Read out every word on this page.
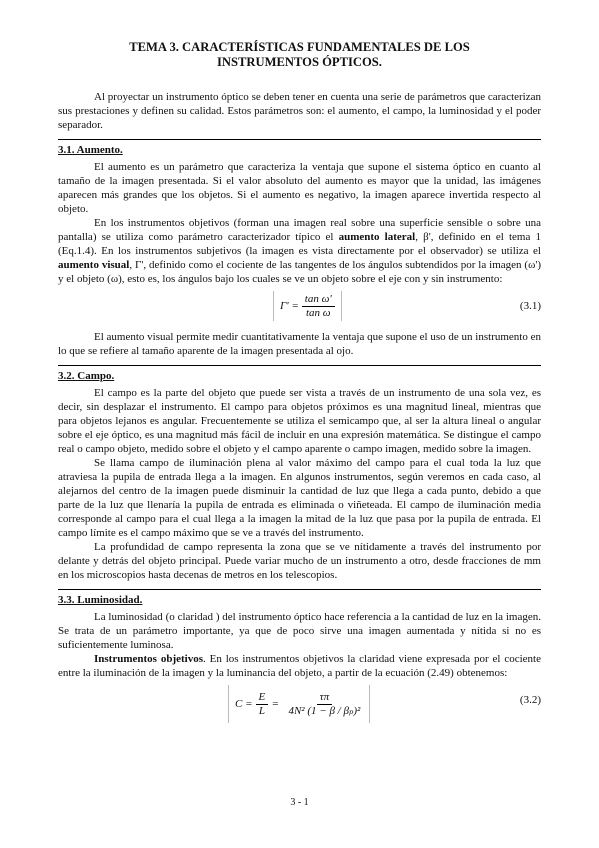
TEMA 3. CARACTERÍSTICAS FUNDAMENTALES DE LOS
INSTRUMENTOS ÓPTICOS.

Al proyectar un instrumento óptico se deben tener en cuenta una serie de parámetros que caracterizan sus prestaciones y definen su calidad. Estos parámetros son: el aumento, el campo, la luminosidad y el poder separador.

3.1. Aumento.

El aumento es un parámetro que caracteriza la ventaja que supone el sistema óptico en cuanto al tamaño de la imagen presentada. Si el valor absoluto del aumento es mayor que la unidad, las imágenes aparecen más grandes que los objetos. Si el aumento es negativo, la imagen aparece invertida respecto al objeto.

En los instrumentos objetivos (forman una imagen real sobre una superficie sensible o sobre una pantalla) se utiliza como parámetro caracterizador típico el aumento lateral, β', definido en el tema 1 (Eq.1.4). En los instrumentos subjetivos (la imagen es vista directamente por el observador) se utiliza el aumento visual, Γ', definido como el cociente de las tangentes de los ángulos subtendidos por la imagen (ω') y el objeto (ω), esto es, los ángulos bajo los cuales se ve un objeto sobre el eje con y sin instrumento:

$\Gamma' = \frac{\text{tan ω'}}{\text{tan ω}}$	(3.1)

El aumento visual permite medir cuantitativamente la ventaja que supone el uso de un instrumento en lo que se refiere al tamaño aparente de la imagen presentada al ojo.

3.2. Campo.

El campo es la parte del objeto que puede ser vista a través de un instrumento de una sola vez, es decir, sin desplazar el instrumento. El campo para objetos próximos es una magnitud lineal, mientras que para objetos lejanos es angular. Frecuentemente se utiliza el semicampo que, al ser la altura lineal o angular sobre el eje óptico, es una magnitud más fácil de incluir en una expresión matemática. Se distingue el campo real o campo objeto, medido sobre el objeto y el campo aparente o campo imagen, medido sobre la imagen.

Se llama campo de iluminación plena al valor máximo del campo para el cual toda la luz que atraviesa la pupila de entrada llega a la imagen. En algunos instrumentos, según veremos en cada caso, al alejarnos del centro de la imagen puede disminuir la cantidad de luz que llega a cada punto, debido a que parte de la luz que llenaría la pupila de entrada es eliminada o viñeteada. El campo de iluminación media corresponde al campo para el cual llega a la imagen la mitad de la luz que pasa por la pupila de entrada. El campo límite es el campo máximo que se ve a través del instrumento.

La profundidad de campo representa la zona que se ve nítidamente a través del instrumento por delante y detrás del objeto principal. Puede variar mucho de un instrumento a otro, desde fracciones de mm en los microscopios hasta decenas de metros en los telescopios.

3.3. Luminosidad.

La luminosidad (o claridad ) del instrumento óptico hace referencia a la cantidad de luz en la imagen. Se trata de un parámetro importante, ya que de poco sirve una imagen aumentada y nítida si no es suficientemente luminosa.

Instrumentos objetivos. En los instrumentos objetivos la claridad viene expresada por el cociente entre la iluminación de la imagen y la luminancia del objeto, a partir de la ecuación (2.49) obtenemos:

$C = \frac{E}{L} = \frac{\tau\pi}{\text{4N² (1 − β / βₚ)²}}$	(3.2)
3 - 1
